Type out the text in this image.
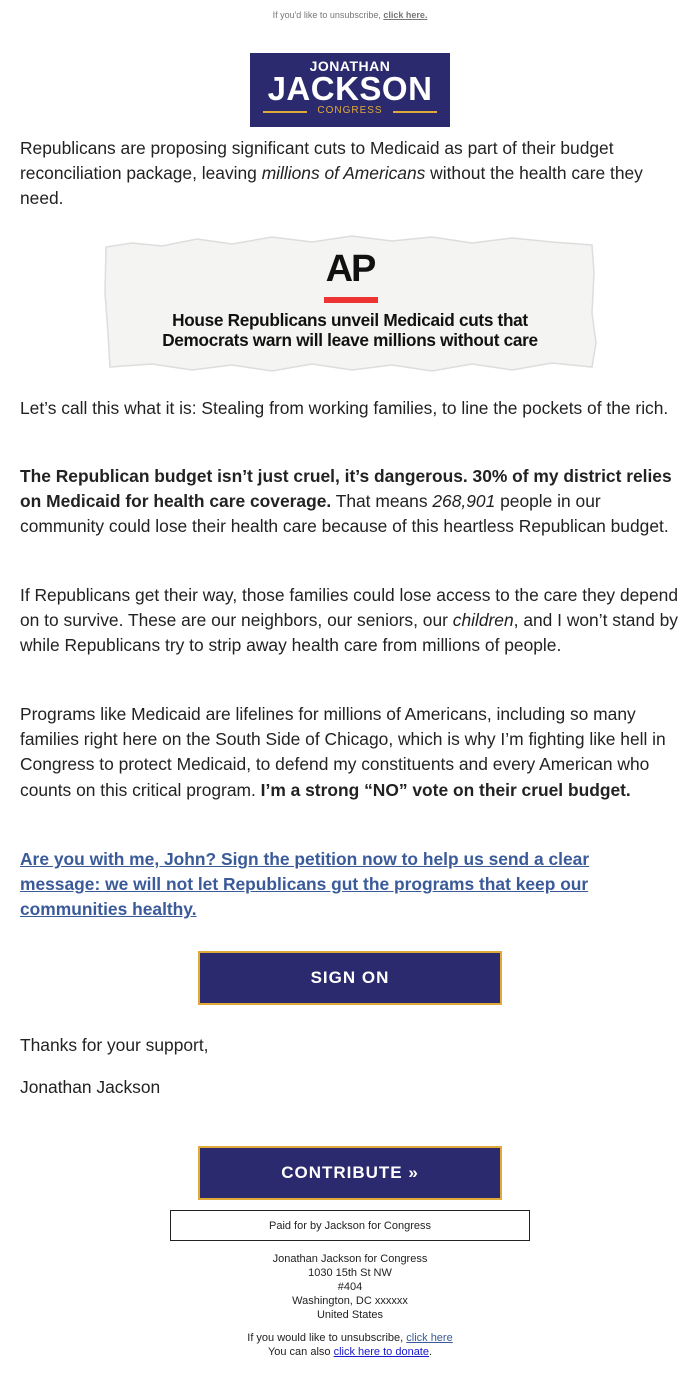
If you'd like to unsubscribe, click here.
JONATHAN
JACKSON
CONGRESS

Republicans are proposing significant cuts to Medicaid as part of their budget reconciliation package, leaving millions of Americans without the health care they need.

AP
House Republicans unveil Medicaid cuts that
Democrats warn will leave millions without care

Let’s call this what it is: Stealing from working families, to line the pockets of the rich.

The Republican budget isn’t just cruel, it’s dangerous. 30% of my district relies on Medicaid for health care coverage. That means 268,901 people in our community could lose their health care because of this heartless Republican budget.

If Republicans get their way, those families could lose access to the care they depend on to survive. These are our neighbors, our seniors, our children, and I won’t stand by while Republicans try to strip away health care from millions of people.

Programs like Medicaid are lifelines for millions of Americans, including so many families right here on the South Side of Chicago, which is why I’m fighting like hell in Congress to protect Medicaid, to defend my constituents and every American who counts on this critical program. I’m a strong “NO” vote on their cruel budget.

Are you with me, John? Sign the petition now to help us send a clear message: we will not let Republicans gut the programs that keep our communities healthy.
SIGN ON

Thanks for your support,

Jonathan Jackson

CONTRIBUTE »
Paid for by Jackson for Congress
Jonathan Jackson for Congress
1030 15th St NW
#404
Washington, DC xxxxxx
United States
If you would like to unsubscribe, click here
You can also click here to donate.
